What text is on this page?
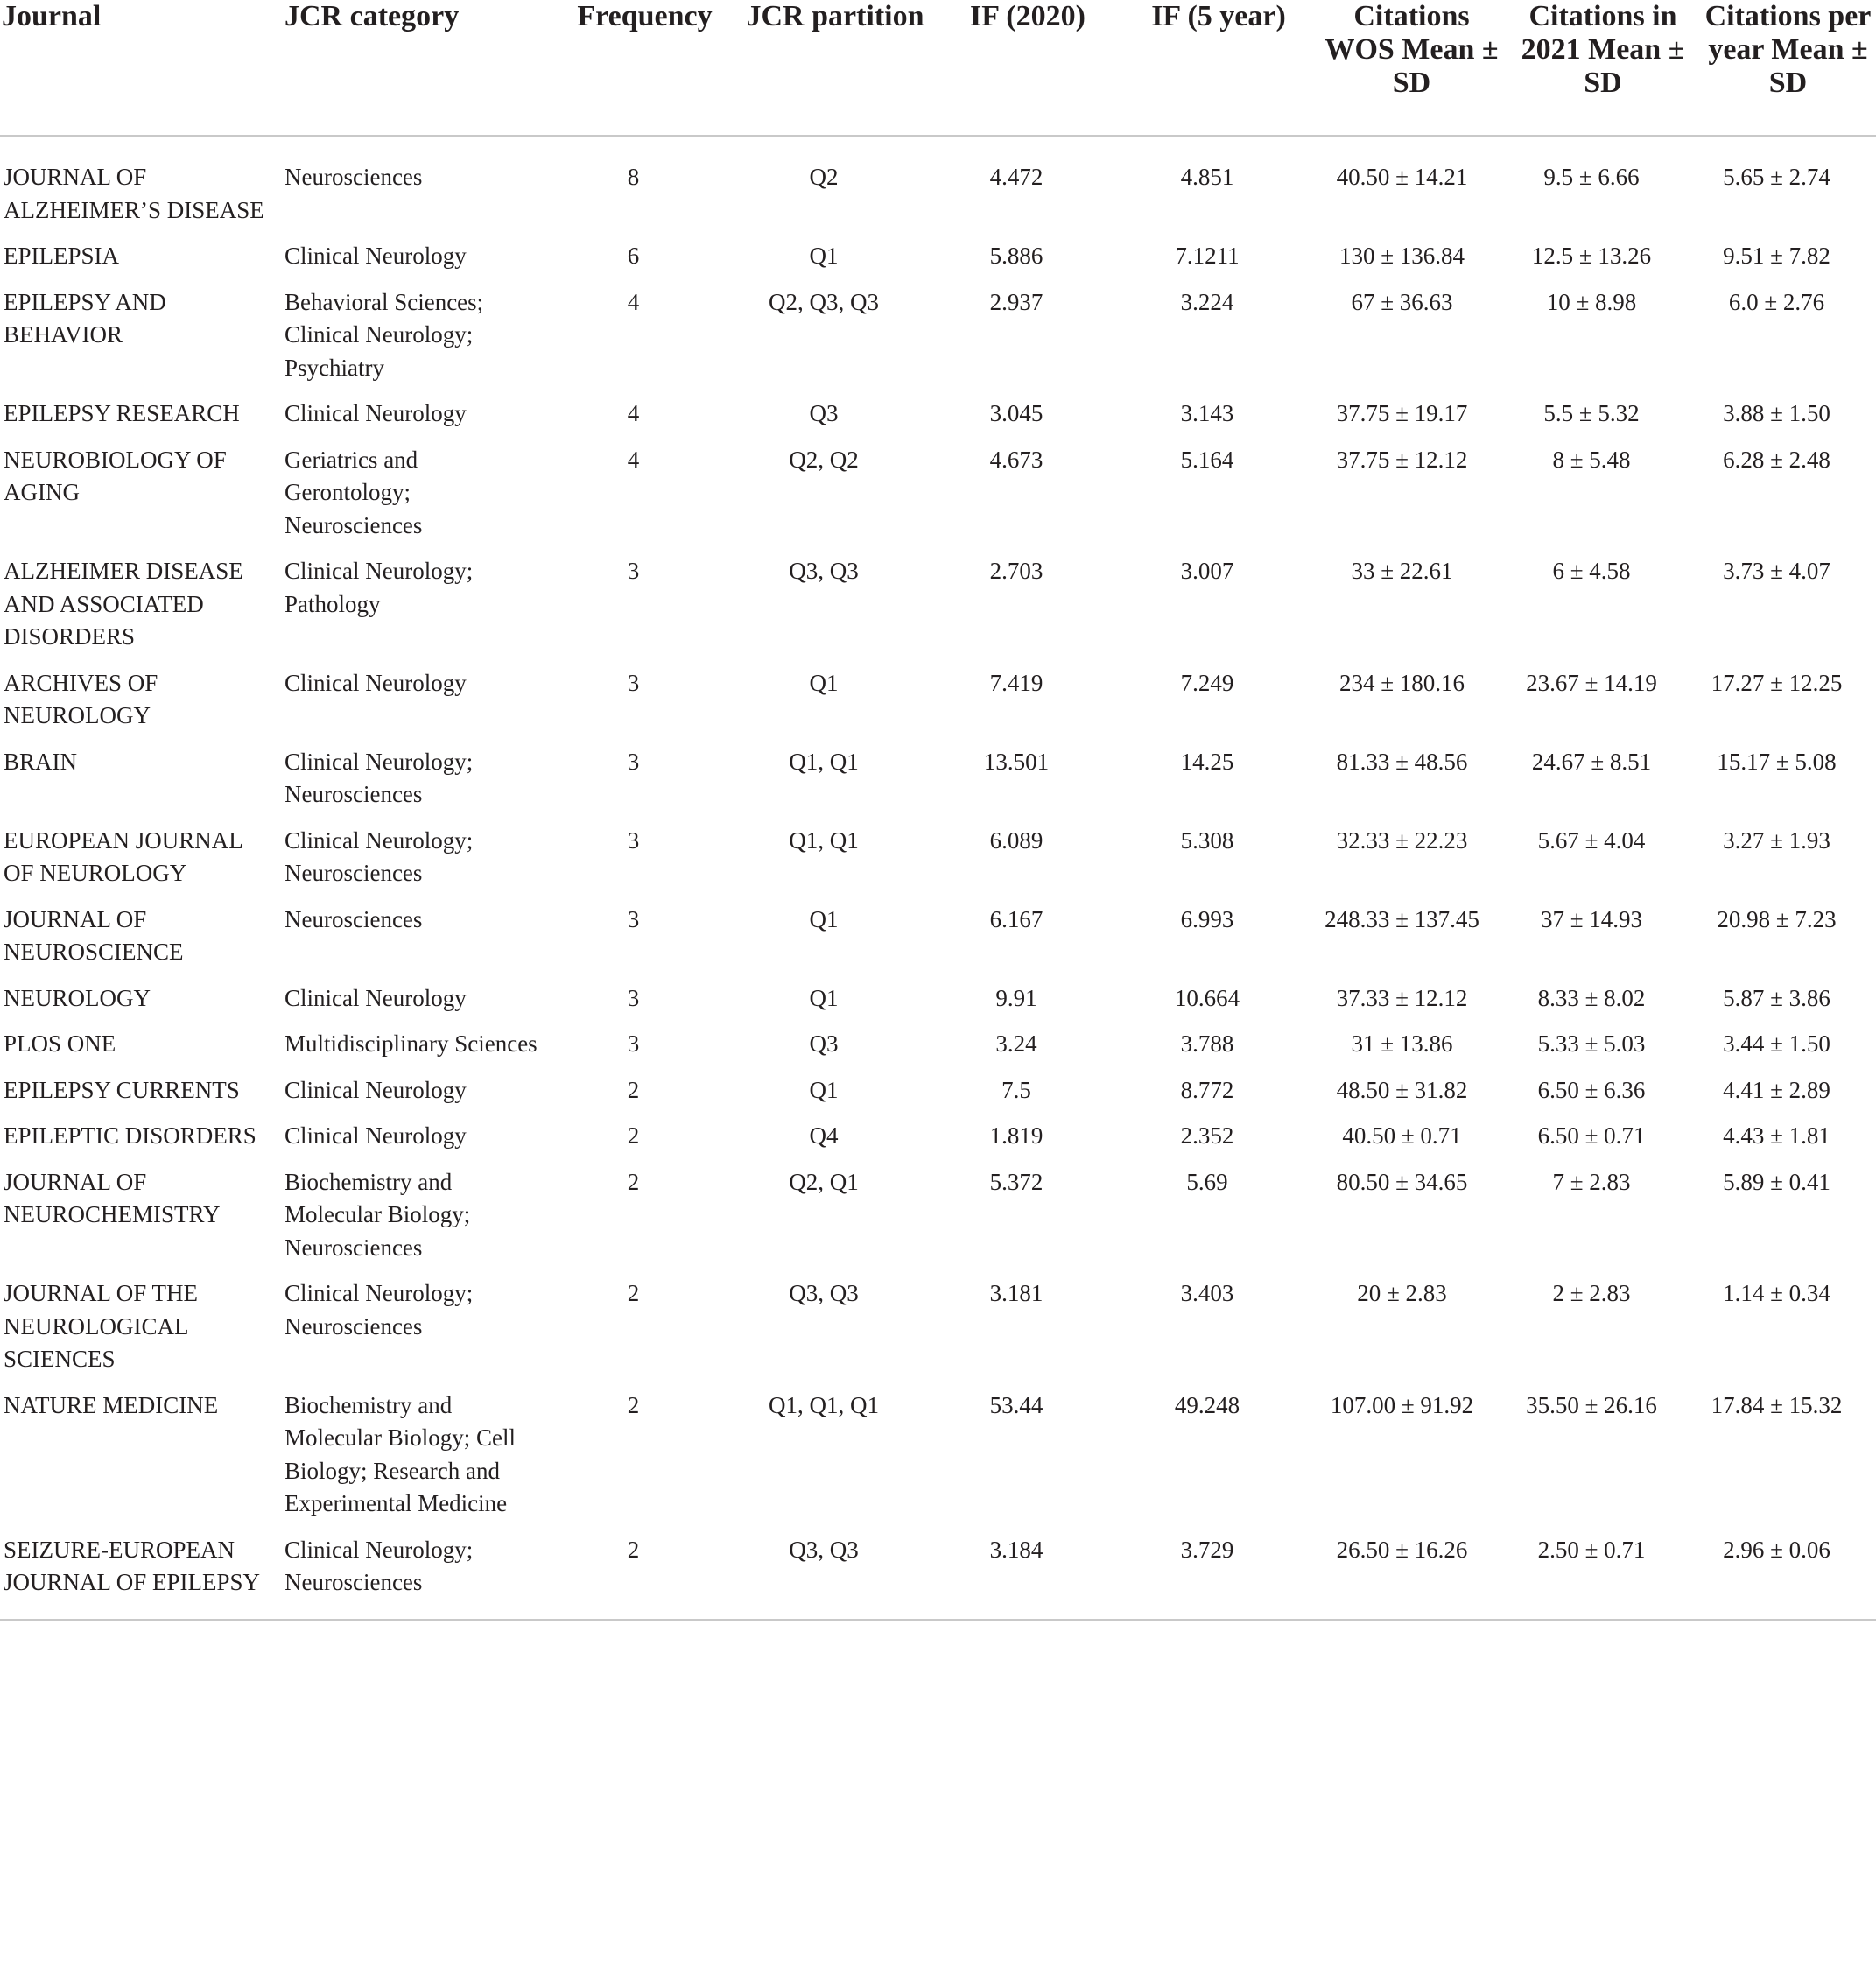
Journal	JCR category	Frequency	JCR partition	IF (2020)	IF (5 year)	Citations WOS Mean ± SD	Citations in 2021 Mean ± SD	Citations per year Mean ± SD
JOURNAL OF ALZHEIMER’S DISEASE	Neurosciences	8	Q2	4.472	4.851	40.50 ± 14.21	9.5 ± 6.66	5.65 ± 2.74
EPILEPSIA	Clinical Neurology	6	Q1	5.886	7.1211	130 ± 136.84	12.5 ± 13.26	9.51 ± 7.82
EPILEPSY AND BEHAVIOR	Behavioral Sciences; Clinical Neurology; Psychiatry	4	Q2, Q3, Q3	2.937	3.224	67 ± 36.63	10 ± 8.98	6.0 ± 2.76
EPILEPSY RESEARCH	Clinical Neurology	4	Q3	3.045	3.143	37.75 ± 19.17	5.5 ± 5.32	3.88 ± 1.50
NEUROBIOLOGY OF AGING	Geriatrics and Gerontology; Neurosciences	4	Q2, Q2	4.673	5.164	37.75 ± 12.12	8 ± 5.48	6.28 ± 2.48
ALZHEIMER DISEASE AND ASSOCIATED DISORDERS	Clinical Neurology; Pathology	3	Q3, Q3	2.703	3.007	33 ± 22.61	6 ± 4.58	3.73 ± 4.07
ARCHIVES OF NEUROLOGY	Clinical Neurology	3	Q1	7.419	7.249	234 ± 180.16	23.67 ± 14.19	17.27 ± 12.25
BRAIN	Clinical Neurology; Neurosciences	3	Q1, Q1	13.501	14.25	81.33 ± 48.56	24.67 ± 8.51	15.17 ± 5.08
EUROPEAN JOURNAL OF NEUROLOGY	Clinical Neurology; Neurosciences	3	Q1, Q1	6.089	5.308	32.33 ± 22.23	5.67 ± 4.04	3.27 ± 1.93
JOURNAL OF NEUROSCIENCE	Neurosciences	3	Q1	6.167	6.993	248.33 ± 137.45	37 ± 14.93	20.98 ± 7.23
NEUROLOGY	Clinical Neurology	3	Q1	9.91	10.664	37.33 ± 12.12	8.33 ± 8.02	5.87 ± 3.86
PLOS ONE	Multidisciplinary Sciences	3	Q3	3.24	3.788	31 ± 13.86	5.33 ± 5.03	3.44 ± 1.50
EPILEPSY CURRENTS	Clinical Neurology	2	Q1	7.5	8.772	48.50 ± 31.82	6.50 ± 6.36	4.41 ± 2.89
EPILEPTIC DISORDERS	Clinical Neurology	2	Q4	1.819	2.352	40.50 ± 0.71	6.50 ± 0.71	4.43 ± 1.81
JOURNAL OF NEUROCHEMISTRY	Biochemistry and Molecular Biology; Neurosciences	2	Q2, Q1	5.372	5.69	80.50 ± 34.65	7 ± 2.83	5.89 ± 0.41
JOURNAL OF THE NEUROLOGICAL SCIENCES	Clinical Neurology; Neurosciences	2	Q3, Q3	3.181	3.403	20 ± 2.83	2 ± 2.83	1.14 ± 0.34
NATURE MEDICINE	Biochemistry and Molecular Biology; Cell Biology; Research and Experimental Medicine	2	Q1, Q1, Q1	53.44	49.248	107.00 ± 91.92	35.50 ± 26.16	17.84 ± 15.32
SEIZURE-EUROPEAN JOURNAL OF EPILEPSY	Clinical Neurology; Neurosciences	2	Q3, Q3	3.184	3.729	26.50 ± 16.26	2.50 ± 0.71	2.96 ± 0.06
